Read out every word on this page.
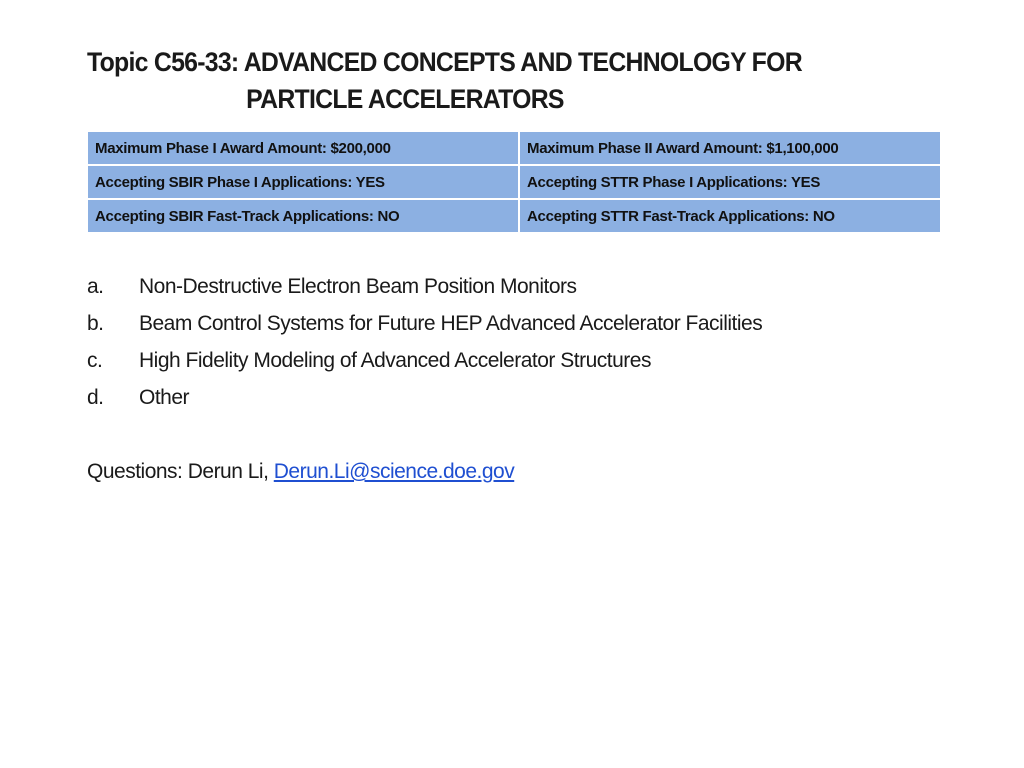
Topic C56-33: ADVANCED CONCEPTS AND TECHNOLOGY FOR
PARTICLE ACCELERATORS
Maximum Phase I Award Amount: $200,000	Maximum Phase II Award Amount: $1,100,000
Accepting SBIR Phase I Applications: YES	Accepting STTR Phase I Applications: YES
Accepting SBIR Fast-Track Applications: NO	Accepting STTR Fast-Track Applications: NO
a.	Non-Destructive Electron Beam Position Monitors
b.	Beam Control Systems for Future HEP Advanced Accelerator Facilities
c.	High Fidelity Modeling of Advanced Accelerator Structures
d.	Other
Questions: Derun Li, Derun.Li@science.doe.gov
